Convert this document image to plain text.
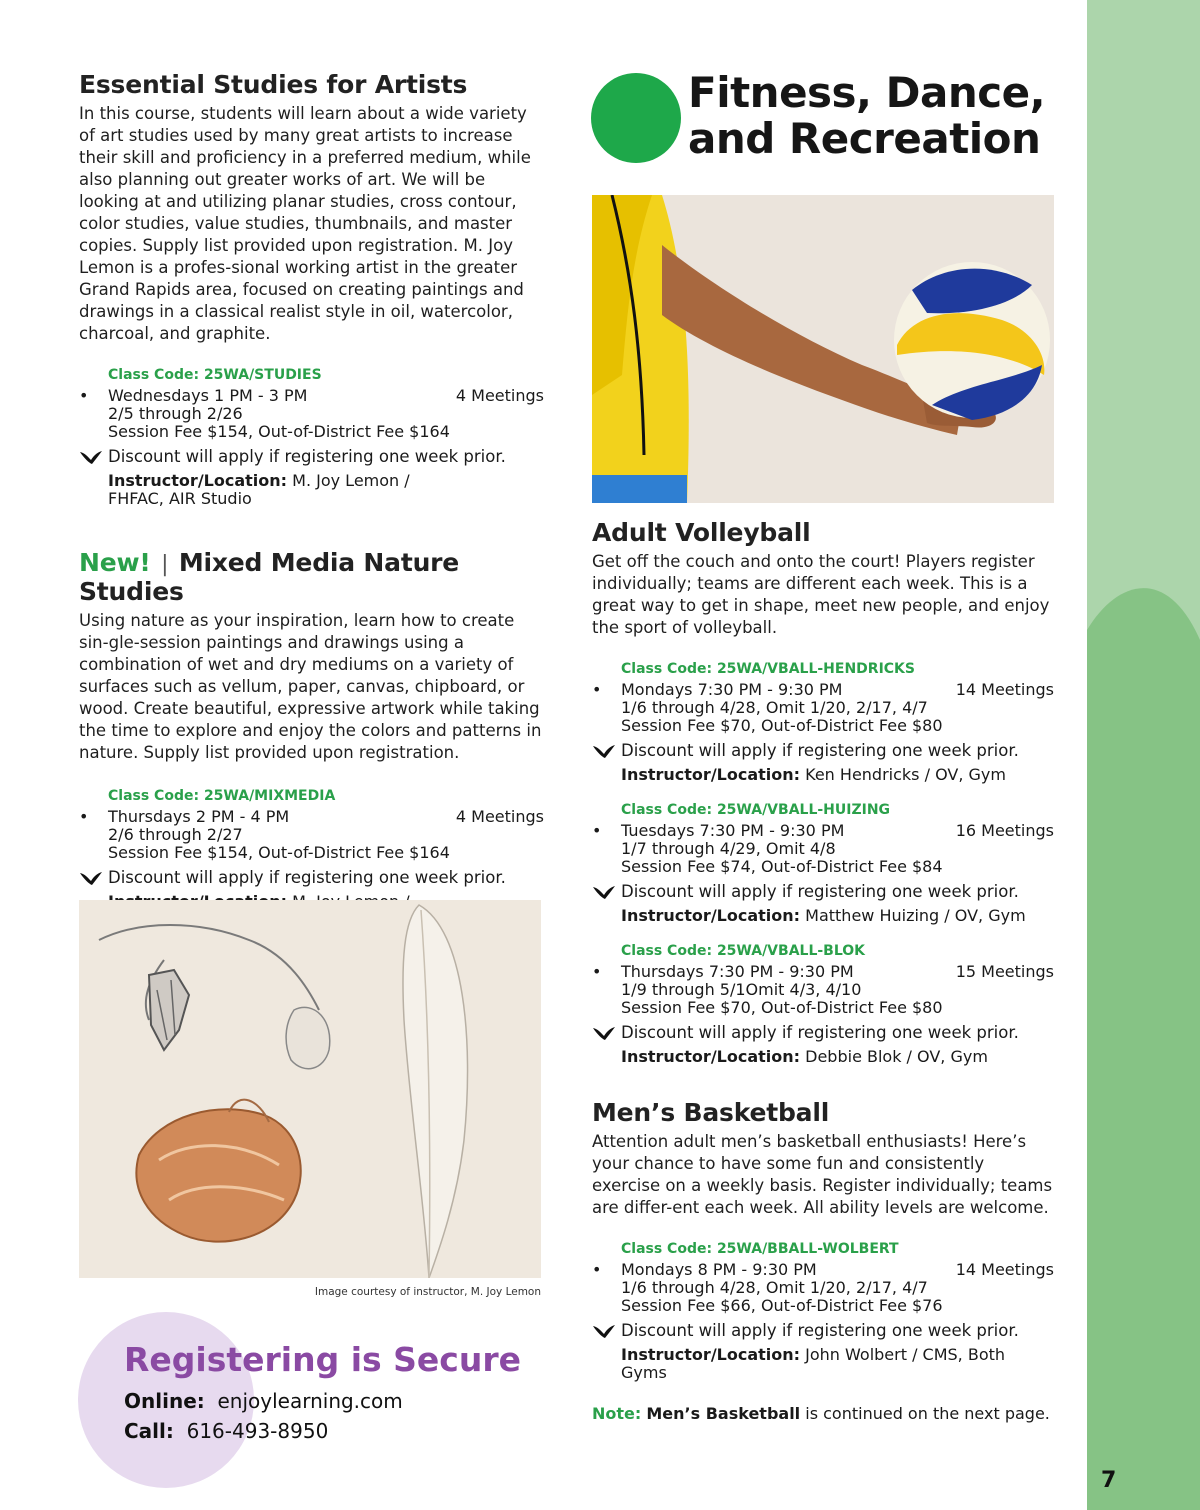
7
Essential Studies for Artists
In this course, students will learn about a wide variety of art studies used by many great artists to increase their skill and proficiency in a preferred medium, while also planning out greater works of art. We will be looking at and utilizing planar studies, cross contour, color studies, value studies, thumbnails, and master copies. Supply list provided upon registration. M. Joy Lemon is a profes-sional working artist in the greater Grand Rapids area, focused on creating paintings and drawings in a classical realist style in oil, watercolor, charcoal, and graphite.
Class Code: 25WA/STUDIES
• Wednesdays 1 PM - 3 PM	4 Meetings
2/5 through 2/26
Session Fee $154, Out-of-District Fee $164
Discount will apply if registering one week prior.
Instructor/Location: M. Joy Lemon /
FHFAC, AIR Studio
New! | Mixed Media Nature Studies
Using nature as your inspiration, learn how to create sin-gle-session paintings and drawings using a combination of wet and dry mediums on a variety of surfaces such as vellum, paper, canvas, chipboard, or wood. Create beautiful, expressive artwork while taking the time to explore and enjoy the colors and patterns in nature. Supply list provided upon registration.
Class Code: 25WA/MIXMEDIA
• Thursdays 2 PM - 4 PM	4 Meetings
2/6 through 2/27
Session Fee $154, Out-of-District Fee $164
Discount will apply if registering one week prior.

Image courtesy of instructor, M. Joy Lemon
Registering is Secure
Online: enjoylearning.com
Call: 616-493-8950
Fitness, Dance,
and Recreation
Adult Volleyball
Get off the couch and onto the court! Players register individually; teams are different each week. This is a great way to get in shape, meet new people, and enjoy the sport of volleyball.
Class Code: 25WA/VBALL-HENDRICKS
• Mondays 7:30 PM - 9:30 PM	14 Meetings
1/6 through 4/28, Omit 1/20, 2/17, 4/7
Session Fee $70, Out-of-District Fee $80
Discount will apply if registering one week prior.
Instructor/Location: Ken Hendricks / OV, Gym
Class Code: 25WA/VBALL-HUIZING
• Tuesdays 7:30 PM - 9:30 PM	16 Meetings
1/7 through 4/29, Omit 4/8
Session Fee $74, Out-of-District Fee $84
Discount will apply if registering one week prior.
Instructor/Location: Matthew Huizing / OV, Gym
Class Code: 25WA/VBALL-BLOK
• Thursdays 7:30 PM - 9:30 PM	15 Meetings
1/9 through 5/1Omit 4/3, 4/10
Session Fee $70, Out-of-District Fee $80
Discount will apply if registering one week prior.
Instructor/Location: Debbie Blok / OV, Gym
Men’s Basketball
Attention adult men’s basketball enthusiasts! Here’s your chance to have some fun and consistently exercise on a weekly basis. Register individually; teams are differ-ent each week. All ability levels are welcome.
Class Code: 25WA/BBALL-WOLBERT
• Mondays 8 PM - 9:30 PM	14 Meetings
1/6 through 4/28, Omit 1/20, 2/17, 4/7
Session Fee $66, Out-of-District Fee $76
Discount will apply if registering one week prior.
Instructor/Location: John Wolbert / CMS, Both Gyms
Note: Men’s Basketball is continued on the next page.
